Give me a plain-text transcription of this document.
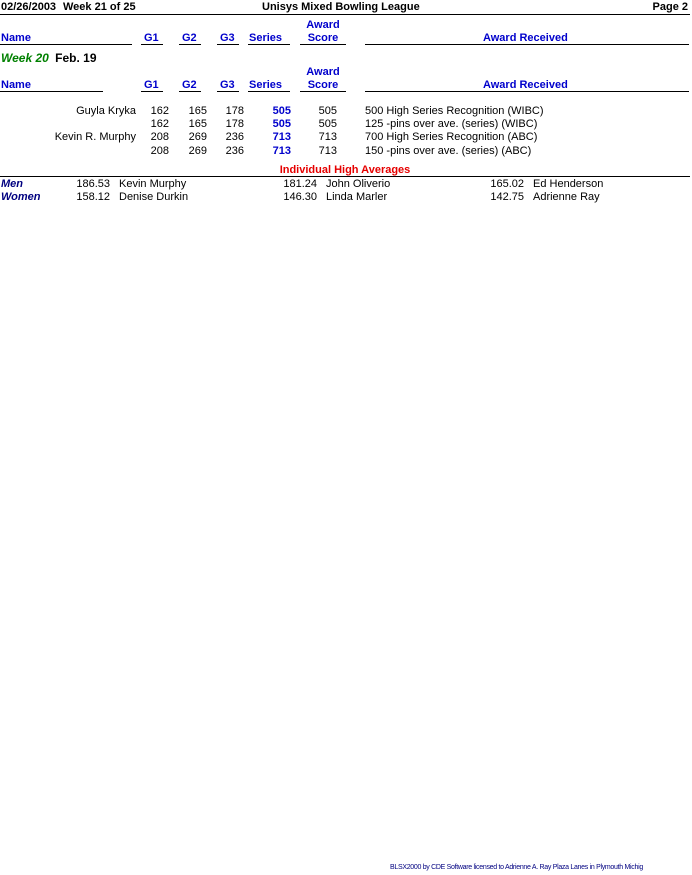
02/26/2003 Week 21 of 25	Unisys Mixed Bowling League	Page 2
Name	G1 G2 G3 Series
Award
Score	Award Received
Week 20 Feb. 19
Name	G1 G2 G3 Series
Award
Score	Award Received
Guyla Kryka 162 165 178	505	505	500 High Series Recognition (WIBC)
162 165 178	505	505	125 -pins over ave. (series) (WIBC)
Kevin R. Murphy 208 269 236	713	713	700 High Series Recognition (ABC)
208 269 236	713	713	150 -pins over ave. (series) (ABC)
Individual High Averages
Men	186.53 Kevin Murphy	181.24 John Oliverio	165.02 Ed Henderson
Women	158.12 Denise Durkin	146.30 Linda Marler	142.75 Adrienne Ray
BLSX2000 by CDE Software licensed to Adrienne A. Ray Plaza Lanes in Plymouth Michig
